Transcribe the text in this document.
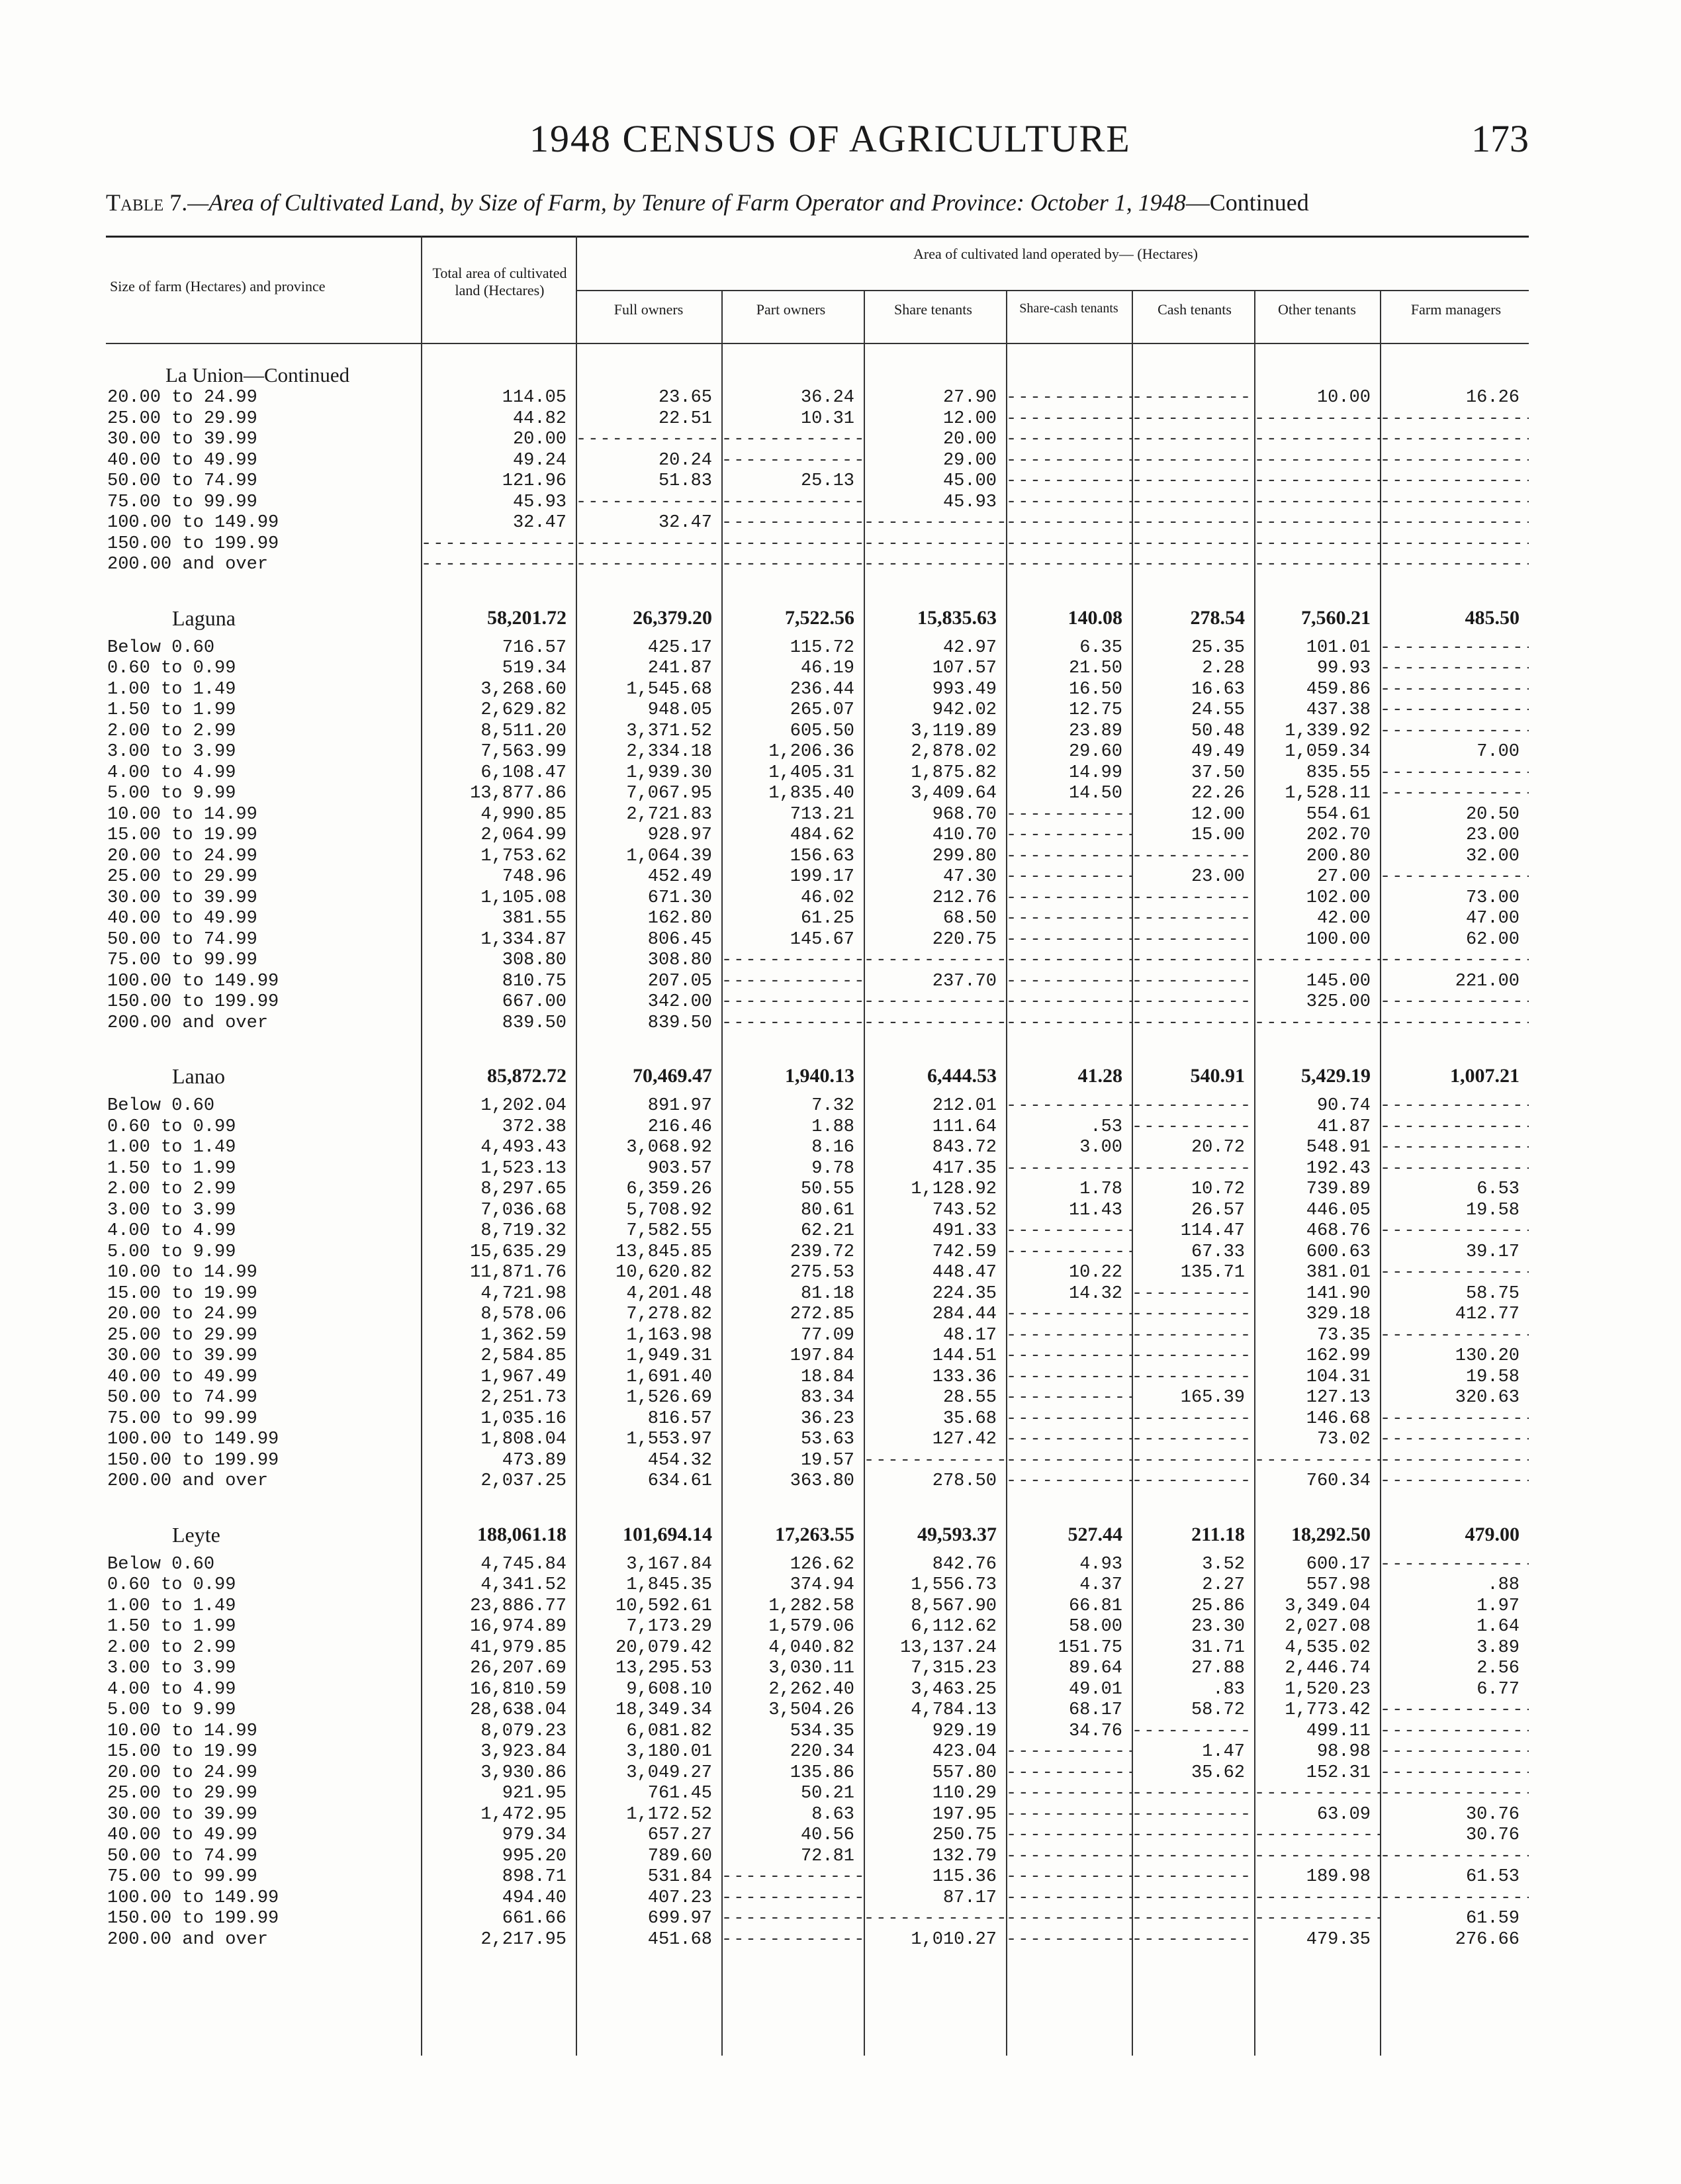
1948 CENSUS OF AGRICULTURE	173
Table 7.—Area of Cultivated Land, by Size of Farm, by Tenure of Farm Operator and Province: October 1, 1948—Continued
Size of farm (Hectares) and province
Total area of cultivated land (Hectares)
Area of cultivated land operated by— (Hectares)
Full owners	Part owners	Share tenants	Share-cash tenants	Cash tenants	Other tenants	Farm managers
La Union—Continued								
20.00 to 24.99	114.05	23.65	36.24	27.90	-----	-----	10.00	16.26
25.00 to 29.99	44.82	22.51	10.31	12.00	-----	-----	-----	-----
30.00 to 39.99	20.00	-----	-----	20.00	-----	-----	-----	-----
40.00 to 49.99	49.24	20.24	-----	29.00	-----	-----	-----	-----
50.00 to 74.99	121.96	51.83	25.13	45.00	-----	-----	-----	-----
75.00 to 99.99	45.93	-----	-----	45.93	-----	-----	-----	-----
100.00 to 149.99	32.47	32.47	-----	-----	-----	-----	-----	-----
150.00 to 199.99	-----	-----	-----	-----	-----	-----	-----	-----
200.00 and over	-----	-----	-----	-----	-----	-----	-----	-----

Laguna	58,201.72	26,379.20	7,522.56	15,835.63	140.08	278.54	7,560.21	485.50
Below 0.60	716.57	425.17	115.72	42.97	6.35	25.35	101.01	-----
0.60 to 0.99	519.34	241.87	46.19	107.57	21.50	2.28	99.93	-----
1.00 to 1.49	3,268.60	1,545.68	236.44	993.49	16.50	16.63	459.86	-----
1.50 to 1.99	2,629.82	948.05	265.07	942.02	12.75	24.55	437.38	-----
2.00 to 2.99	8,511.20	3,371.52	605.50	3,119.89	23.89	50.48	1,339.92	-----
3.00 to 3.99	7,563.99	2,334.18	1,206.36	2,878.02	29.60	49.49	1,059.34	7.00
4.00 to 4.99	6,108.47	1,939.30	1,405.31	1,875.82	14.99	37.50	835.55	-----
5.00 to 9.99	13,877.86	7,067.95	1,835.40	3,409.64	14.50	22.26	1,528.11	-----
10.00 to 14.99	4,990.85	2,721.83	713.21	968.70	-----	12.00	554.61	20.50
15.00 to 19.99	2,064.99	928.97	484.62	410.70	-----	15.00	202.70	23.00
20.00 to 24.99	1,753.62	1,064.39	156.63	299.80	-----	-----	200.80	32.00
25.00 to 29.99	748.96	452.49	199.17	47.30	-----	23.00	27.00	-----
30.00 to 39.99	1,105.08	671.30	46.02	212.76	-----	-----	102.00	73.00
40.00 to 49.99	381.55	162.80	61.25	68.50	-----	-----	42.00	47.00
50.00 to 74.99	1,334.87	806.45	145.67	220.75	-----	-----	100.00	62.00
75.00 to 99.99	308.80	308.80	-----	-----	-----	-----	-----	-----
100.00 to 149.99	810.75	207.05	-----	237.70	-----	-----	145.00	221.00
150.00 to 199.99	667.00	342.00	-----	-----	-----	-----	325.00	-----
200.00 and over	839.50	839.50	-----	-----	-----	-----	-----	-----

Lanao	85,872.72	70,469.47	1,940.13	6,444.53	41.28	540.91	5,429.19	1,007.21
Below 0.60	1,202.04	891.97	7.32	212.01	-----	-----	90.74	-----
0.60 to 0.99	372.38	216.46	1.88	111.64	.53	-----	41.87	-----
1.00 to 1.49	4,493.43	3,068.92	8.16	843.72	3.00	20.72	548.91	-----
1.50 to 1.99	1,523.13	903.57	9.78	417.35	-----	-----	192.43	-----
2.00 to 2.99	8,297.65	6,359.26	50.55	1,128.92	1.78	10.72	739.89	6.53
3.00 to 3.99	7,036.68	5,708.92	80.61	743.52	11.43	26.57	446.05	19.58
4.00 to 4.99	8,719.32	7,582.55	62.21	491.33	-----	114.47	468.76	-----
5.00 to 9.99	15,635.29	13,845.85	239.72	742.59	-----	67.33	600.63	39.17
10.00 to 14.99	11,871.76	10,620.82	275.53	448.47	10.22	135.71	381.01	-----
15.00 to 19.99	4,721.98	4,201.48	81.18	224.35	14.32	-----	141.90	58.75
20.00 to 24.99	8,578.06	7,278.82	272.85	284.44	-----	-----	329.18	412.77
25.00 to 29.99	1,362.59	1,163.98	77.09	48.17	-----	-----	73.35	-----
30.00 to 39.99	2,584.85	1,949.31	197.84	144.51	-----	-----	162.99	130.20
40.00 to 49.99	1,967.49	1,691.40	18.84	133.36	-----	-----	104.31	19.58
50.00 to 74.99	2,251.73	1,526.69	83.34	28.55	-----	165.39	127.13	320.63
75.00 to 99.99	1,035.16	816.57	36.23	35.68	-----	-----	146.68	-----
100.00 to 149.99	1,808.04	1,553.97	53.63	127.42	-----	-----	73.02	-----
150.00 to 199.99	473.89	454.32	19.57	-----	-----	-----	-----	-----
200.00 and over	2,037.25	634.61	363.80	278.50	-----	-----	760.34	-----

Leyte	188,061.18	101,694.14	17,263.55	49,593.37	527.44	211.18	18,292.50	479.00
Below 0.60	4,745.84	3,167.84	126.62	842.76	4.93	3.52	600.17	-----
0.60 to 0.99	4,341.52	1,845.35	374.94	1,556.73	4.37	2.27	557.98	.88
1.00 to 1.49	23,886.77	10,592.61	1,282.58	8,567.90	66.81	25.86	3,349.04	1.97
1.50 to 1.99	16,974.89	7,173.29	1,579.06	6,112.62	58.00	23.30	2,027.08	1.64
2.00 to 2.99	41,979.85	20,079.42	4,040.82	13,137.24	151.75	31.71	4,535.02	3.89
3.00 to 3.99	26,207.69	13,295.53	3,030.11	7,315.23	89.64	27.88	2,446.74	2.56
4.00 to 4.99	16,810.59	9,608.10	2,262.40	3,463.25	49.01	.83	1,520.23	6.77
5.00 to 9.99	28,638.04	18,349.34	3,504.26	4,784.13	68.17	58.72	1,773.42	-----
10.00 to 14.99	8,079.23	6,081.82	534.35	929.19	34.76	-----	499.11	-----
15.00 to 19.99	3,923.84	3,180.01	220.34	423.04	-----	1.47	98.98	-----
20.00 to 24.99	3,930.86	3,049.27	135.86	557.80	-----	35.62	152.31	-----
25.00 to 29.99	921.95	761.45	50.21	110.29	-----	-----	-----	-----
30.00 to 39.99	1,472.95	1,172.52	8.63	197.95	-----	-----	63.09	30.76
40.00 to 49.99	979.34	657.27	40.56	250.75	-----	-----	-----	30.76
50.00 to 74.99	995.20	789.60	72.81	132.79	-----	-----	-----	-----
75.00 to 99.99	898.71	531.84	-----	115.36	-----	-----	189.98	61.53
100.00 to 149.99	494.40	407.23	-----	87.17	-----	-----	-----	-----
150.00 to 199.99	661.66	699.97	-----	-----	-----	-----	-----	61.59
200.00 and over	2,217.95	451.68	-----	1,010.27	-----	-----	479.35	276.66
